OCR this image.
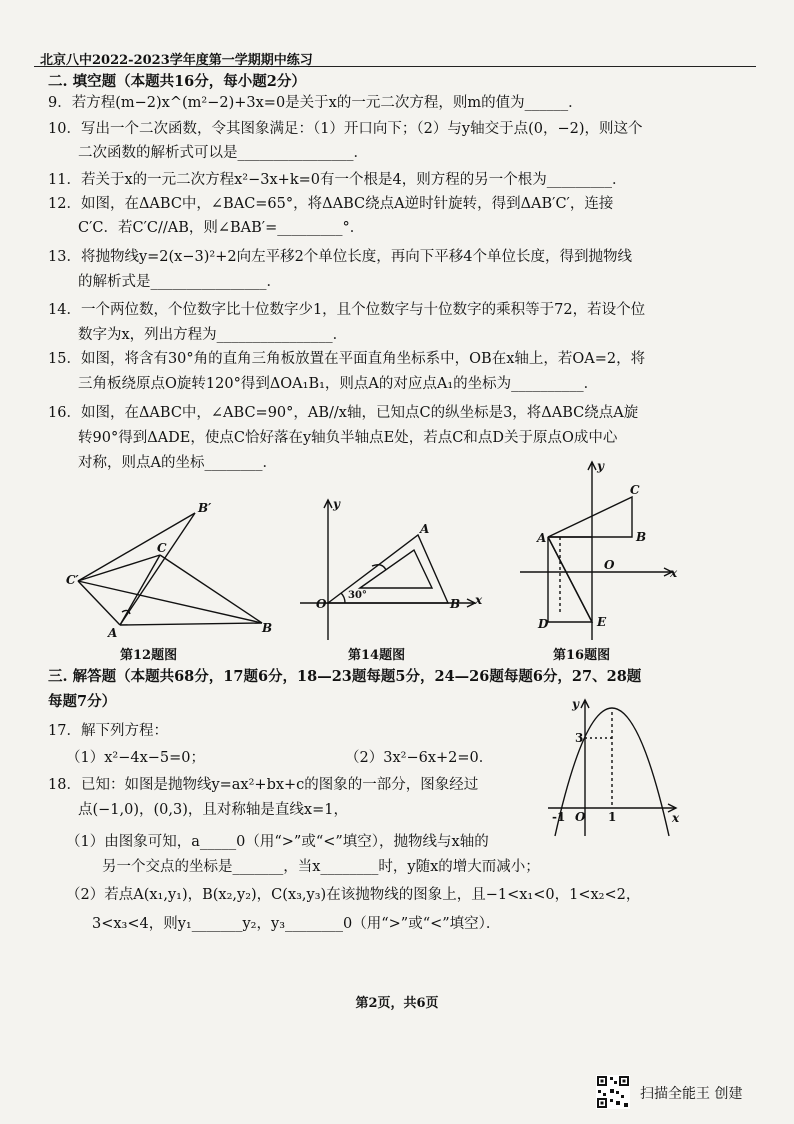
北京八中2022-2023学年度第一学期期中练习
二. 填空题（本题共16分，每小题2分）
9．若方程(m−2)x^(m²−2)+3x=0是关于x的一元二次方程，则m的值为______．
10．写出一个二次函数，令其图象满足：（1）开口向下；（2）与y轴交于点(0，−2)，则这个
二次函数的解析式可以是________________．
11．若关于x的一元二次方程x²−3x+k=0有一个根是4，则方程的另一个根为_________．
12．如图，在ΔABC中，∠BAC=65°，将ΔABC绕点A逆时针旋转，得到ΔAB′C′，连接
C′C．若C′C//AB，则∠BAB′=_________°．
13．将抛物线y=2(x−3)²+2向左平移2个单位长度，再向下平移4个单位长度，得到抛物线
的解析式是________________．
14．一个两位数，个位数字比十位数字少1，且个位数字与十位数字的乘积等于72，若设个位
数字为x，列出方程为________________．
15．如图，将含有30°角的直角三角板放置在平面直角坐标系中，OB在x轴上，若OA=2，将
三角板绕原点O旋转120°得到ΔOA₁B₁，则点A的对应点A₁的坐标为__________．
16．如图，在ΔABC中，∠ABC=90°，AB//x轴，已知点C的纵坐标是3，将ΔABC绕点A旋
转90°得到ΔADE，使点C恰好落在y轴负半轴点E处，若点C和点D关于原点O成中心
对称，则点A的坐标________．
C′
B′
C
A	B
y
A
O	B x
30°
y
C
A	B
O
x
D	E
y
x
3
-1 O 1
第12题图	第14题图	第16题图
三. 解答题（本题共68分，17题6分，18—23题每题5分，24—26题每题6分，27、28题
每题7分）
17．解下列方程：
（1）x²−4x−5=0；	（2）3x²−6x+2=0．
18．已知：如图是抛物线y=ax²+bx+c的图象的一部分，图象经过
点(−1,0)，(0,3)，且对称轴是直线x=1，
（1）由图象可知，a_____0（用“>”或“<”填空），抛物线与x轴的
另一个交点的坐标是_______，当x________时，y随x的增大而减小；
（2）若点A(x₁,y₁)，B(x₂,y₂)，C(x₃,y₃)在该抛物线的图象上，且−1<x₁<0，1<x₂<2，
3<x₃<4，则y₁_______y₂，y₃________0（用“>”或“<”填空）．
第2页，共6页
扫描全能王 创建
